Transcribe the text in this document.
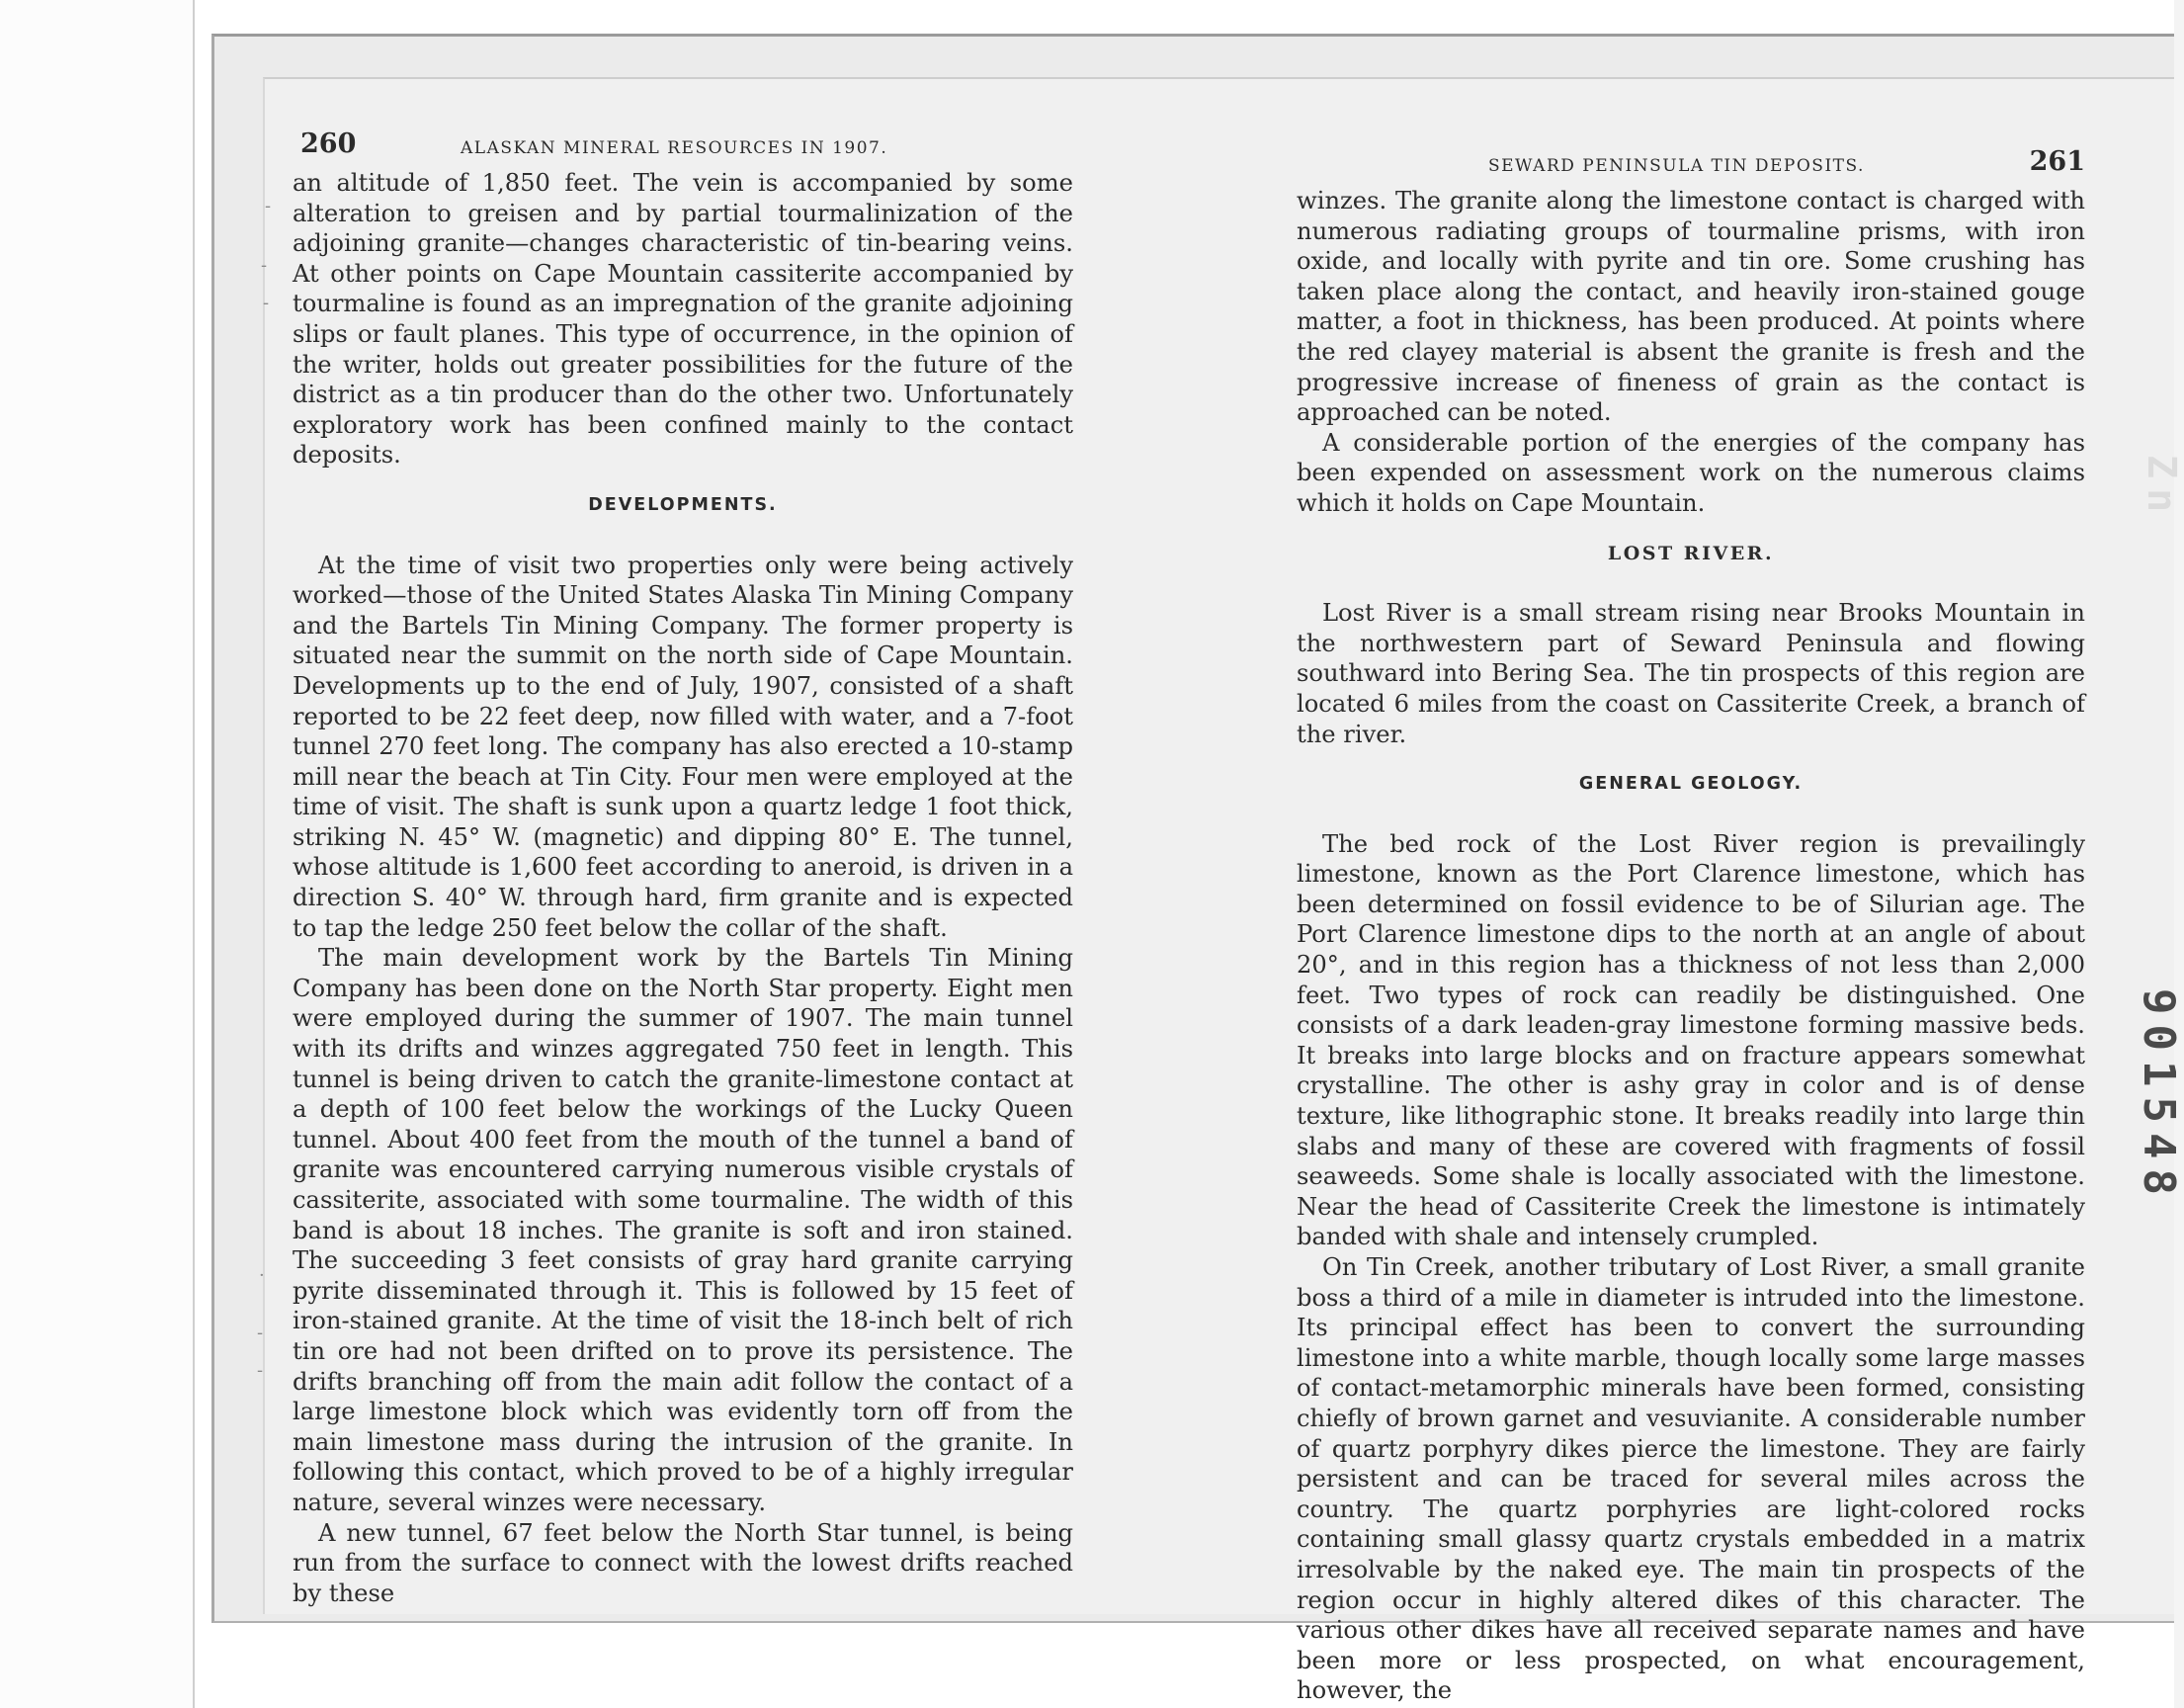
-
-
-
·
-
-
260	ALASKAN MINERAL RESOURCES IN 1907.

an altitude of 1,850 feet. The vein is accompanied by some alteration to greisen and by partial tourmalinization of the adjoining granite—changes characteristic of tin-bearing veins. At other points on Cape Mountain cassiterite accompanied by tourmaline is found as an impregnation of the granite adjoining slips or fault planes. This type of occurrence, in the opinion of the writer, holds out greater possibilities for the future of the district as a tin producer than do the other two. Unfortunately exploratory work has been confined mainly to the contact deposits.

DEVELOPMENTS.

At the time of visit two properties only were being actively worked—those of the United States Alaska Tin Mining Company and the Bartels Tin Mining Company. The former property is situated near the summit on the north side of Cape Mountain. Developments up to the end of July, 1907, consisted of a shaft reported to be 22 feet deep, now filled with water, and a 7-foot tunnel 270 feet long. The company has also erected a 10-stamp mill near the beach at Tin City. Four men were employed at the time of visit. The shaft is sunk upon a quartz ledge 1 foot thick, striking N. 45° W. (magnetic) and dipping 80° E. The tunnel, whose altitude is 1,600 feet according to aneroid, is driven in a direction S. 40° W. through hard, firm granite and is expected to tap the ledge 250 feet below the collar of the shaft.

The main development work by the Bartels Tin Mining Company has been done on the North Star property. Eight men were employed during the summer of 1907. The main tunnel with its drifts and winzes aggregated 750 feet in length. This tunnel is being driven to catch the granite-limestone contact at a depth of 100 feet below the workings of the Lucky Queen tunnel. About 400 feet from the mouth of the tunnel a band of granite was encountered carrying numerous visible crystals of cassiterite, associated with some tourmaline. The width of this band is about 18 inches. The granite is soft and iron stained. The succeeding 3 feet consists of gray hard granite carrying pyrite disseminated through it. This is followed by 15 feet of iron-stained granite. At the time of visit the 18-inch belt of rich tin ore had not been drifted on to prove its persistence. The drifts branching off from the main adit follow the contact of a large limestone block which was evidently torn off from the main limestone mass during the intrusion of the granite. In following this contact, which proved to be of a highly irregular nature, several winzes were necessary.

A new tunnel, 67 feet below the North Star tunnel, is being run from the surface to connect with the lowest drifts reached by these

SEWARD PENINSULA TIN DEPOSITS.	261

winzes. The granite along the limestone contact is charged with numerous radiating groups of tourmaline prisms, with iron oxide, and locally with pyrite and tin ore. Some crushing has taken place along the contact, and heavily iron-stained gouge matter, a foot in thickness, has been produced. At points where the red clayey material is absent the granite is fresh and the progressive increase of fineness of grain as the contact is approached can be noted.

A considerable portion of the energies of the company has been expended on assessment work on the numerous claims which it holds on Cape Mountain.

LOST RIVER.

Lost River is a small stream rising near Brooks Mountain in the northwestern part of Seward Peninsula and flowing southward into Bering Sea. The tin prospects of this region are located 6 miles from the coast on Cassiterite Creek, a branch of the river.

GENERAL GEOLOGY.

The bed rock of the Lost River region is prevailingly limestone, known as the Port Clarence limestone, which has been determined on fossil evidence to be of Silurian age. The Port Clarence limestone dips to the north at an angle of about 20°, and in this region has a thickness of not less than 2,000 feet. Two types of rock can readily be distinguished. One consists of a dark leaden-gray limestone forming massive beds. It breaks into large blocks and on fracture appears somewhat crystalline. The other is ashy gray in color and is of dense texture, like lithographic stone. It breaks readily into large thin slabs and many of these are covered with fragments of fossil seaweeds. Some shale is locally associated with the limestone. Near the head of Cassiterite Creek the limestone is intimately banded with shale and intensely crumpled.

On Tin Creek, another tributary of Lost River, a small granite boss a third of a mile in diameter is intruded into the limestone. Its principal effect has been to convert the surrounding limestone into a white marble, though locally some large masses of contact-metamorphic minerals have been formed, consisting chiefly of brown garnet and vesuvianite. A considerable number of quartz porphyry dikes pierce the limestone. They are fairly persistent and can be traced for several miles across the country. The quartz porphyries are light-colored rocks containing small glassy quartz crystals embedded in a matrix irresolvable by the naked eye. The main tin prospects of the region occur in highly altered dikes of this character. The various other dikes have all received separate names and have been more or less prospected, on what encouragement, however, the

Zn
901548
